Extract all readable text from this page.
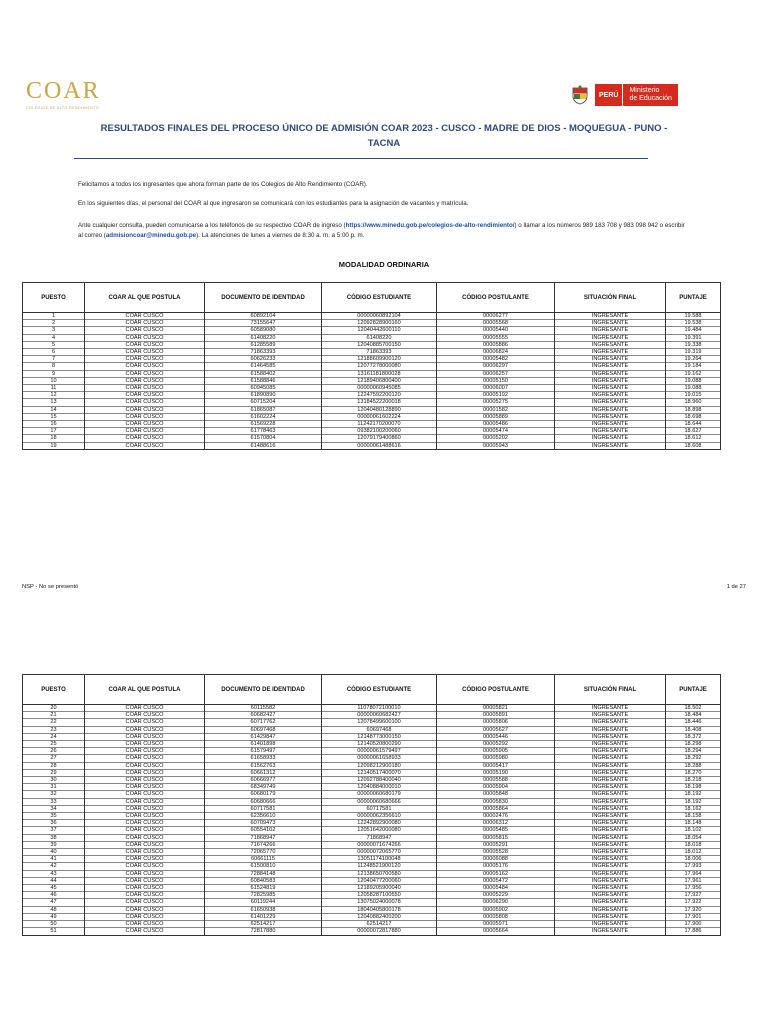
COAR
COLEGIOS DE ALTO RENDIMIENTO
PERÚ
Ministerio
de Educación
RESULTADOS FINALES DEL PROCESO ÚNICO DE ADMISIÓN COAR 2023 - CUSCO - MADRE DE DIOS - MOQUEGUA - PUNO -
TACNA
Felicitamos a todos los ingresantes que ahora forman parte de los Colegios de Alto Rendimiento (COAR).
En los siguientes días, el personal del COAR al que ingresaron se comunicará con los estudiantes para la asignación de vacantes y matrícula.
Ante cualquier consulta, pueden comunicarse a los teléfonos de su respectivo COAR de ingreso (https://www.minedu.gob.pe/colegios-de-alto-rendimiento/) o llamar a los números 989 183 708 y 983 098 942 o escribir al correo (admisioncoar@minedu.gob.pe). La atenciones de lunes a viernes de 8:30 a. m. a 5:00 p. m.
MODALIDAD ORDINARIA
PUESTO	COAR AL QUE POSTULA	DOCUMENTO DE IDENTIDAD	CÓDIGO ESTUDIANTE	CÓDIGO POSTULANTE	SITUACIÓN FINAL	PUNTAJE
1	COAR CUSCO	60892104	00000060892104	00006277	INGRESANTE	19.588
2	COAR CUSCO	73155647	12092828900160	00005568	INGRESANTE	19.538
3	COAR CUSCO	60589080	12040442600110	00005440	INGRESANTE	19.484
4	COAR CUSCO	61408220	61408220	00005555	INGRESANTE	19.391
5	COAR CUSCO	61285589	12040885700150	00005886	INGRESANTE	19.338
6	COAR CUSCO	71863393	71863393	00006824	INGRESANTE	19.319
7	COAR CUSCO	60626233	12188609900120	00005482	INGRESANTE	19.264
8	COAR CUSCO	61464585	12077278000080	00006297	INGRESANTE	19.184
9	COAR CUSCO	61588402	13161181800028	00006257	INGRESANTE	19.162
10	COAR CUSCO	61588846	12189406800400	00005150	INGRESANTE	19.088
11	COAR CUSCO	60945085	00000060945085	00006007	INGRESANTE	19.088
12	COAR CUSCO	61890890	12247592200120	00005192	INGRESANTE	19.015
13	COAR CUSCO	60715204	13184522200018	00005275	INGRESANTE	18.960
14	COAR CUSCO	61865087	12040480128890	00001582	INGRESANTE	18.898
15	COAR CUSCO	61602224	00000061602224	00005889	INGRESANTE	18.698
16	COAR CUSCO	61569228	11242170200070	00005486	INGRESANTE	18.644
17	COAR CUSCO	61778463	09382100200060	00005474	INGRESANTE	18.627
18	COAR CUSCO	61570804	12079179400860	00005202	INGRESANTE	18.612
19	COAR CUSCO	61488616	00000061488616	00005943	INGRESANTE	18.608
NSP - No se presentó	1 de 27
PUESTO	COAR AL QUE POSTULA	DOCUMENTO DE IDENTIDAD	CÓDIGO ESTUDIANTE	CÓDIGO POSTULANTE	SITUACIÓN FINAL	PUNTAJE
20	COAR CUSCO	60115582	11078072100010	00005821	INGRESANTE	18.502
21	COAR CUSCO	60682427	00000060682427	00005891	INGRESANTE	18.484
22	COAR CUSCO	60717762	12078499600100	00005806	INGRESANTE	18.446
23	COAR CUSCO	60697468	60697468	00005627	INGRESANTE	18.408
24	COAR CUSCO	61429847	12148773000150	00005446	INGRESANTE	18.372
25	COAR CUSCO	61401898	12140520800290	00005292	INGRESANTE	18.298
26	COAR CUSCO	61579497	00000061579497	00005905	INGRESANTE	18.294
27	COAR CUSCO	61658933	00000061658933	00005980	INGRESANTE	18.292
28	COAR CUSCO	61562763	12098212900180	00005417	INGRESANTE	18.288
29	COAR CUSCO	60661312	12140517400070	00005190	INGRESANTE	18.270
30	COAR CUSCO	60666977	12092788400040	00005588	INGRESANTE	18.218
31	COAR CUSCO	68349749	12040884000010	00005904	INGRESANTE	18.198
32	COAR CUSCO	60680179	00000060680179	00005848	INGRESANTE	18.192
33	COAR CUSCO	60680666	00000060680666	00005830	INGRESANTE	18.192
34	COAR CUSCO	60717581	60717581	00005864	INGRESANTE	18.162
35	COAR CUSCO	62356610	00000062356610	00002476	INGRESANTE	18.158
36	COAR CUSCO	60709473	12242892900080	00006312	INGRESANTE	18.148
37	COAR CUSCO	60554102	12051642000080	00005485	INGRESANTE	18.102
38	COAR CUSCO	71868947	71868947	00005815	INGRESANTE	18.054
39	COAR CUSCO	71674266	00000071674266	00005291	INGRESANTE	18.018
40	COAR CUSCO	72065770	00000072065770	00005528	INGRESANTE	18.012
41	COAR CUSCO	60661115	13051174100048	00006088	INGRESANTE	18.006
42	COAR CUSCO	61500810	11248521900120	00005176	INGRESANTE	17.993
43	COAR CUSCO	72884148	12138650700580	00005162	INGRESANTE	17.964
44	COAR CUSCO	60840583	12040477200060	00005472	INGRESANTE	17.961
45	COAR CUSCO	61524819	12189205900040	00005484	INGRESANTE	17.956
46	COAR CUSCO	72825985	12058287100550	00005229	INGRESANTE	17.927
47	COAR CUSCO	60119244	13075024000078	00006290	INGRESANTE	17.922
48	COAR CUSCO	61650938	18040405800178	00005902	INGRESANTE	17.920
49	COAR CUSCO	61401229	12040882400200	00005808	INGRESANTE	17.901
50	COAR CUSCO	62514217	62514217	00005971	INGRESANTE	17.900
51	COAR CUSCO	72817880	00000072817880	00005664	INGRESANTE	17.886
